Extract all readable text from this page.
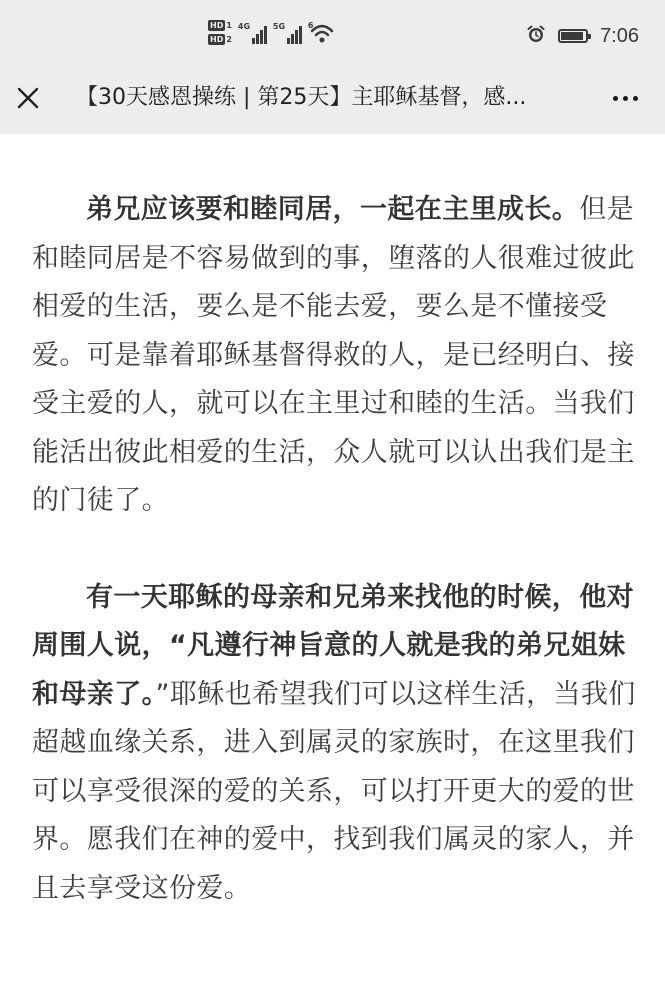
HD 1
HD 2
4G	5G	6	7:06
【30天感恩操练 | 第25天】主耶稣基督，感...

弟兄应该要和睦同居，一起在主里成长。但是和睦同居是不容易做到的事，堕落的人很难过彼此相爱的生活，要么是不能去爱，要么是不懂接受爱。可是靠着耶稣基督得救的人，是已经明白、接受主爱的人，就可以在主里过和睦的生活。当我们能活出彼此相爱的生活，众人就可以认出我们是主的门徒了。

有一天耶稣的母亲和兄弟来找他的时候，他对周围人说，“凡遵行神旨意的人就是我的弟兄姐妹和母亲了。”耶稣也希望我们可以这样生活，当我们超越血缘关系，进入到属灵的家族时，在这里我们可以享受很深的爱的关系，可以打开更大的爱的世界。愿我们在神的爱中，找到我们属灵的家人，并且去享受这份爱。
